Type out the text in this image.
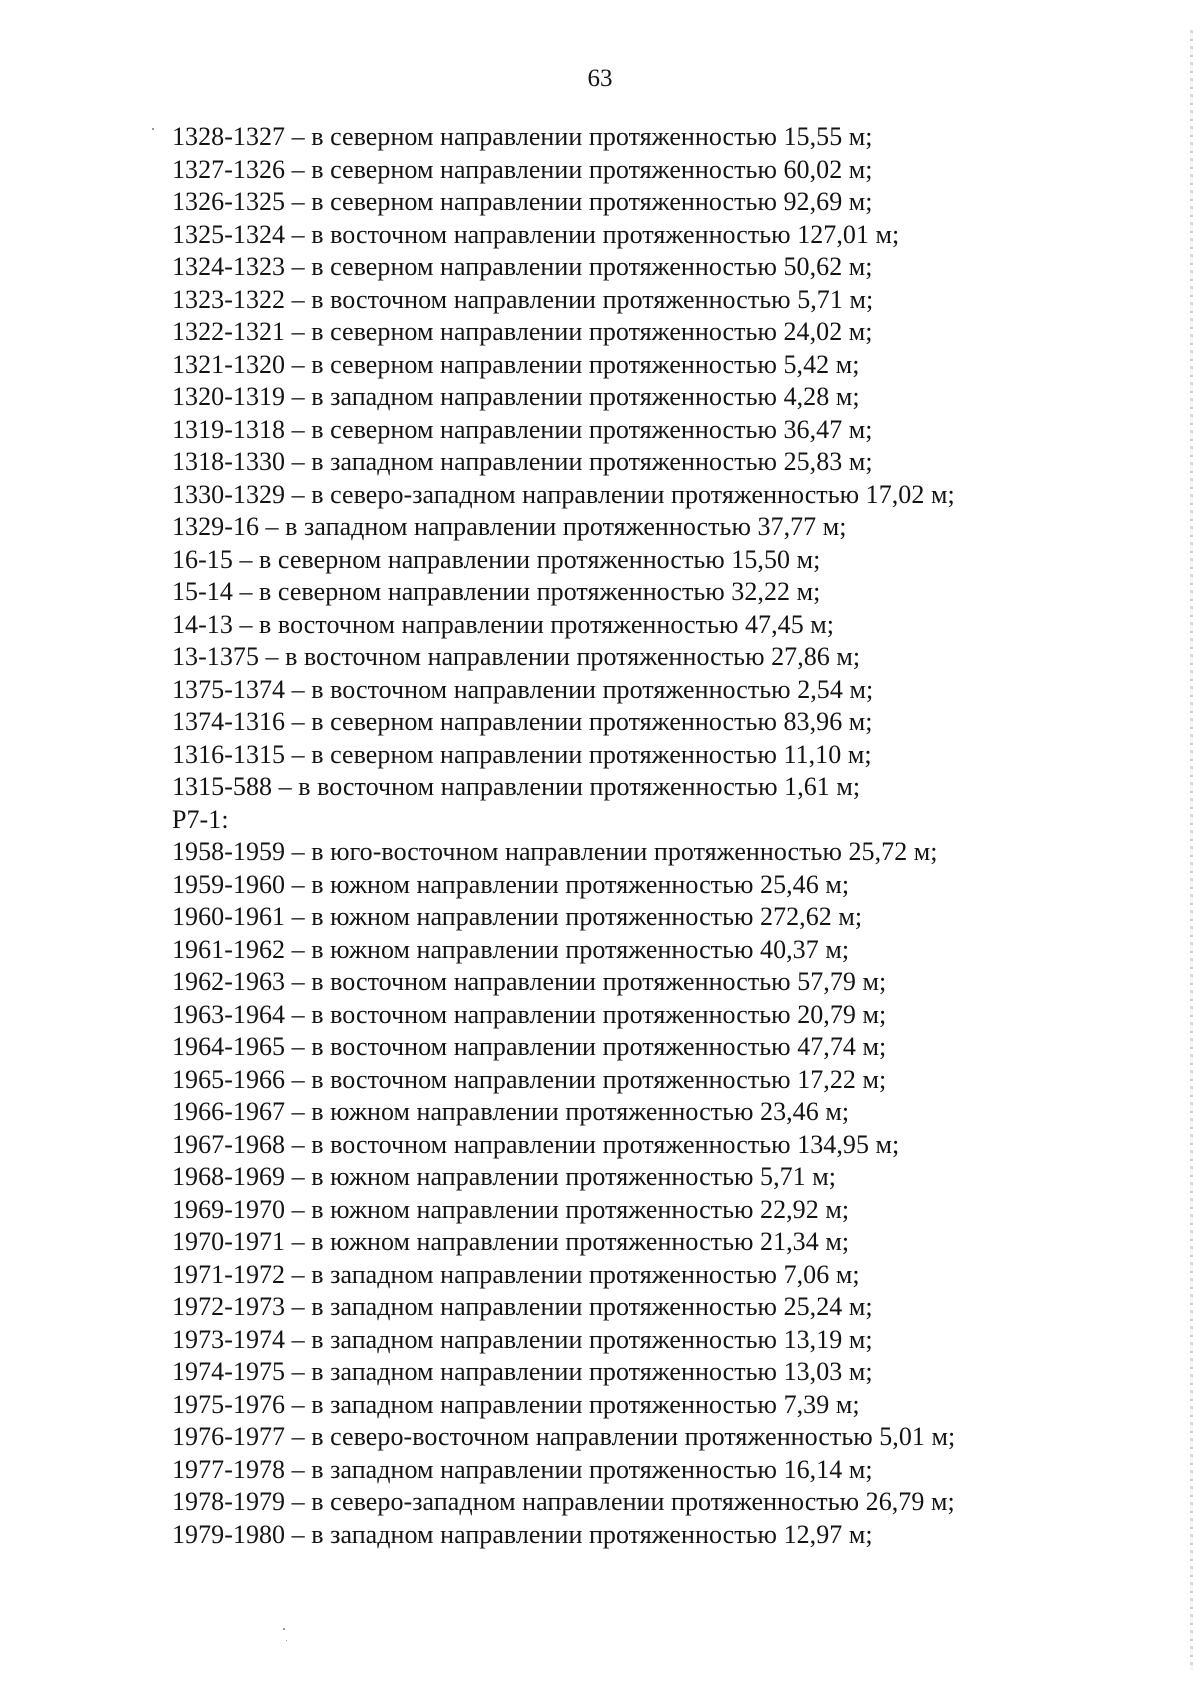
63
1328-1327 – в северном направлении протяженностью 15,55 м;
1327-1326 – в северном направлении протяженностью 60,02 м;
1326-1325 – в северном направлении протяженностью 92,69 м;
1325-1324 – в восточном направлении протяженностью 127,01 м;
1324-1323 – в северном направлении протяженностью 50,62 м;
1323-1322 – в восточном направлении протяженностью 5,71 м;
1322-1321 – в северном направлении протяженностью 24,02 м;
1321-1320 – в северном направлении протяженностью 5,42 м;
1320-1319 – в западном направлении протяженностью 4,28 м;
1319-1318 – в северном направлении протяженностью 36,47 м;
1318-1330 – в западном направлении протяженностью 25,83 м;
1330-1329 – в северо-западном направлении протяженностью 17,02 м;
1329-16 – в западном направлении протяженностью 37,77 м;
16-15 – в северном направлении протяженностью 15,50 м;
15-14 – в северном направлении протяженностью 32,22 м;
14-13 – в восточном направлении протяженностью 47,45 м;
13-1375 – в восточном направлении протяженностью 27,86 м;
1375-1374 – в восточном направлении протяженностью 2,54 м;
1374-1316 – в северном направлении протяженностью 83,96 м;
1316-1315 – в северном направлении протяженностью 11,10 м;
1315-588 – в восточном направлении протяженностью 1,61 м;
Р7-1:
1958-1959 – в юго-восточном направлении протяженностью 25,72 м;
1959-1960 – в южном направлении протяженностью 25,46 м;
1960-1961 – в южном направлении протяженностью 272,62 м;
1961-1962 – в южном направлении протяженностью 40,37 м;
1962-1963 – в восточном направлении протяженностью 57,79 м;
1963-1964 – в восточном направлении протяженностью 20,79 м;
1964-1965 – в восточном направлении протяженностью 47,74 м;
1965-1966 – в восточном направлении протяженностью 17,22 м;
1966-1967 – в южном направлении протяженностью 23,46 м;
1967-1968 – в восточном направлении протяженностью 134,95 м;
1968-1969 – в южном направлении протяженностью 5,71 м;
1969-1970 – в южном направлении протяженностью 22,92 м;
1970-1971 – в южном направлении протяженностью 21,34 м;
1971-1972 – в западном направлении протяженностью 7,06 м;
1972-1973 – в западном направлении протяженностью 25,24 м;
1973-1974 – в западном направлении протяженностью 13,19 м;
1974-1975 – в западном направлении протяженностью 13,03 м;
1975-1976 – в западном направлении протяженностью 7,39 м;
1976-1977 – в северо-восточном направлении протяженностью 5,01 м;
1977-1978 – в западном направлении протяженностью 16,14 м;
1978-1979 – в северо-западном направлении протяженностью 26,79 м;
1979-1980 – в западном направлении протяженностью 12,97 м;
